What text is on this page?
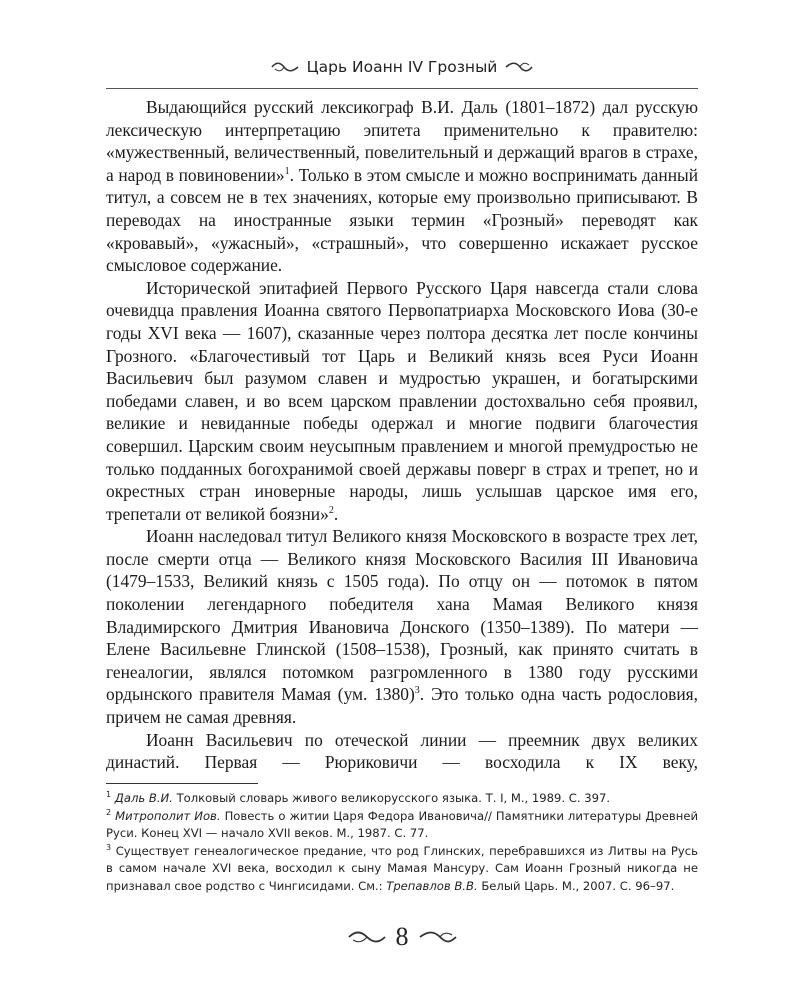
Царь Иоанн IV Грозный

Выдающийся русский лексикограф В.И. Даль (1801–1872) дал русскую лексическую интерпретацию эпитета применительно к правителю: «мужественный, величественный, повелительный и держащий врагов в страхе, а народ в повиновении»$^1$. Только в этом смысле и можно воспринимать данный титул, а совсем не в тех значениях, которые ему произвольно приписывают. В переводах на иностранные языки термин «Грозный» переводят как «кровавый», «ужасный», «страшный», что совершенно искажает русское смысловое содержание.

Исторической эпитафией Первого Русского Царя навсегда стали слова очевидца правления Иоанна святого Первопатриарха Московского Иова (30-е годы XVI века — 1607), сказанные через полтора десятка лет после кончины Грозного. «Благочестивый тот Царь и Великий князь всея Руси Иоанн Васильевич был разумом славен и мудростью украшен, и богатырскими победами славен, и во всем царском правлении достохвально себя проявил, великие и невиданные победы одержал и многие подвиги благочестия совершил. Царским своим неусыпным правлением и многой премудростью не только подданных богохранимой своей державы поверг в страх и трепет, но и окрестных стран иноверные народы, лишь услышав царское имя его, трепетали от великой боязни»$^2$.

Иоанн наследовал титул Великого князя Московского в возрасте трех лет, после смерти отца — Великого князя Московского Василия III Ивановича (1479–1533, Великий князь с 1505 года). По отцу он — потомок в пятом поколении легендарного победителя хана Мамая Великого князя Владимирского Дмитрия Ивановича Донского (1350–1389). По матери — Елене Васильевне Глинской (1508–1538), Грозный, как принято считать в генеалогии, являлся потомком разгромленного в 1380 году русскими ордынского правителя Мамая (ум. 1380)$^3$. Это только одна часть родословия, причем не самая древняя.

Иоанн Васильевич по отеческой линии — преемник двух великих династий. Первая — Рюриковичи — восходила к IX веку,

$^1$ Даль В.И. Толковый словарь живого великорусского языка. Т. I, М., 1989. С. 397.

$^2$ Митрополит Иов. Повесть о житии Царя Федора Ивановича// Памятники литературы Древней Руси. Конец XVI — начало XVII веков. М., 1987. С. 77.

$^3$ Существует генеалогическое предание, что род Глинских, перебравшихся из Литвы на Русь в самом начале XVI века, восходил к сыну Мамая Мансуру. Сам Иоанн Грозный никогда не признавал свое родство с Чингисидами. См.: Трепавлов В.В. Белый Царь. М., 2007. С. 96–97.

8
